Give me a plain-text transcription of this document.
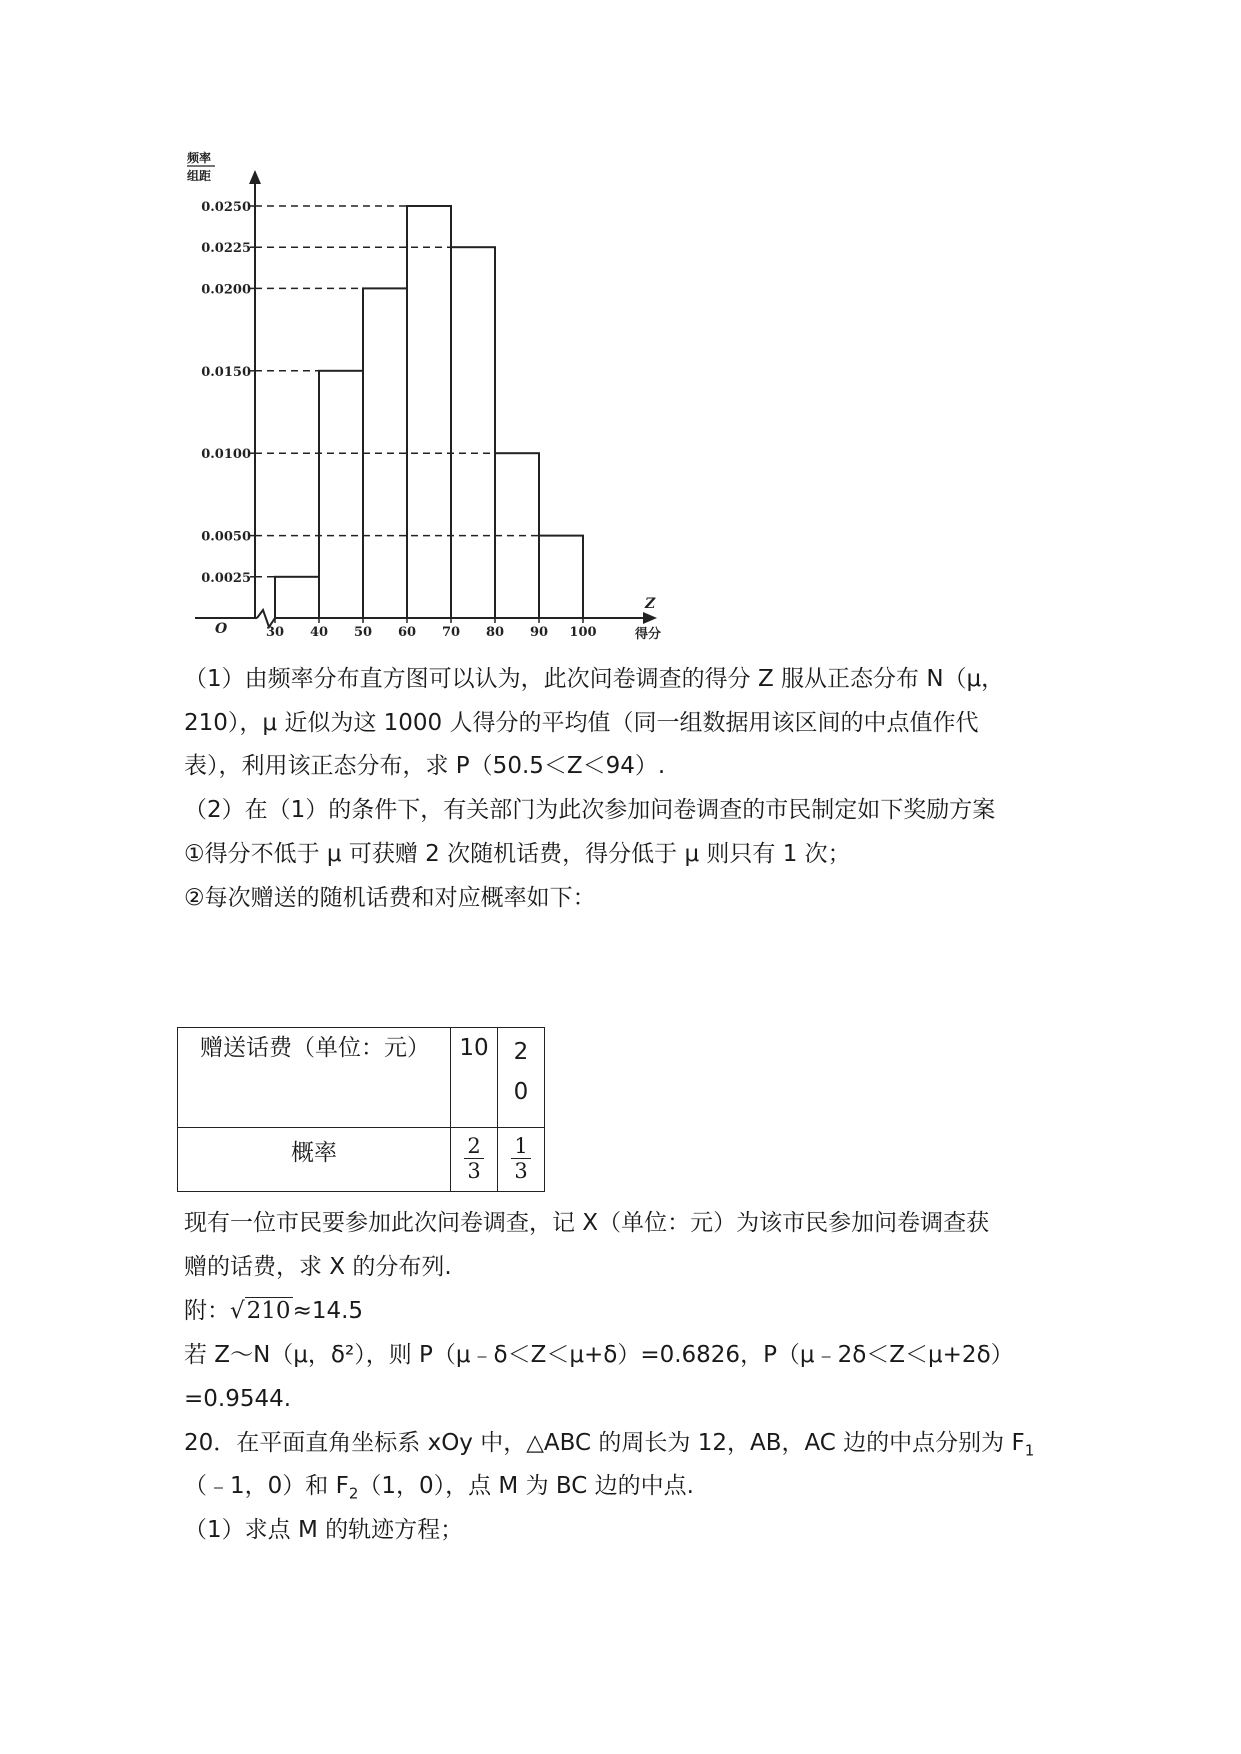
0.0250
0.0225
0.0200
0.0150
0.0100
0.0050
0.0025
30 40 50 60 70 80 90 100
O
Z
得分
频率
组距
（1）由频率分布直方图可以认为，此次问卷调查的得分 Z 服从正态分布 N（μ，
210），μ 近似为这 1000 人得分的平均值（同一组数据用该区间的中点值作代
表），利用该正态分布，求 P（50.5＜Z＜94）.
（2）在（1）的条件下，有关部门为此次参加问卷调查的市民制定如下奖励方案
①得分不低于 μ 可获赠 2 次随机话费，得分低于 μ 则只有 1 次；
②每次赠送的随机话费和对应概率如下：
赠送话费（单位：元）	10	2
0

概率	$\frac{2}{3}$	$\frac{1}{3}$
现有一位市民要参加此次问卷调查，记 X（单位：元）为该市民参加问卷调查获
赠的话费，求 X 的分布列.
附：√210≈14.5
若 Z～N（μ，δ²），则 P（μ﹣δ＜Z＜μ+δ）=0.6826，P（μ﹣2δ＜Z＜μ+2δ）
=0.9544.
20．在平面直角坐标系 xOy 中，△ABC 的周长为 12，AB，AC 边的中点分别为 $F_1$
（﹣1，0）和 $F_2(1$，0），点 M 为 BC 边的中点.
（1）求点 M 的轨迹方程；
